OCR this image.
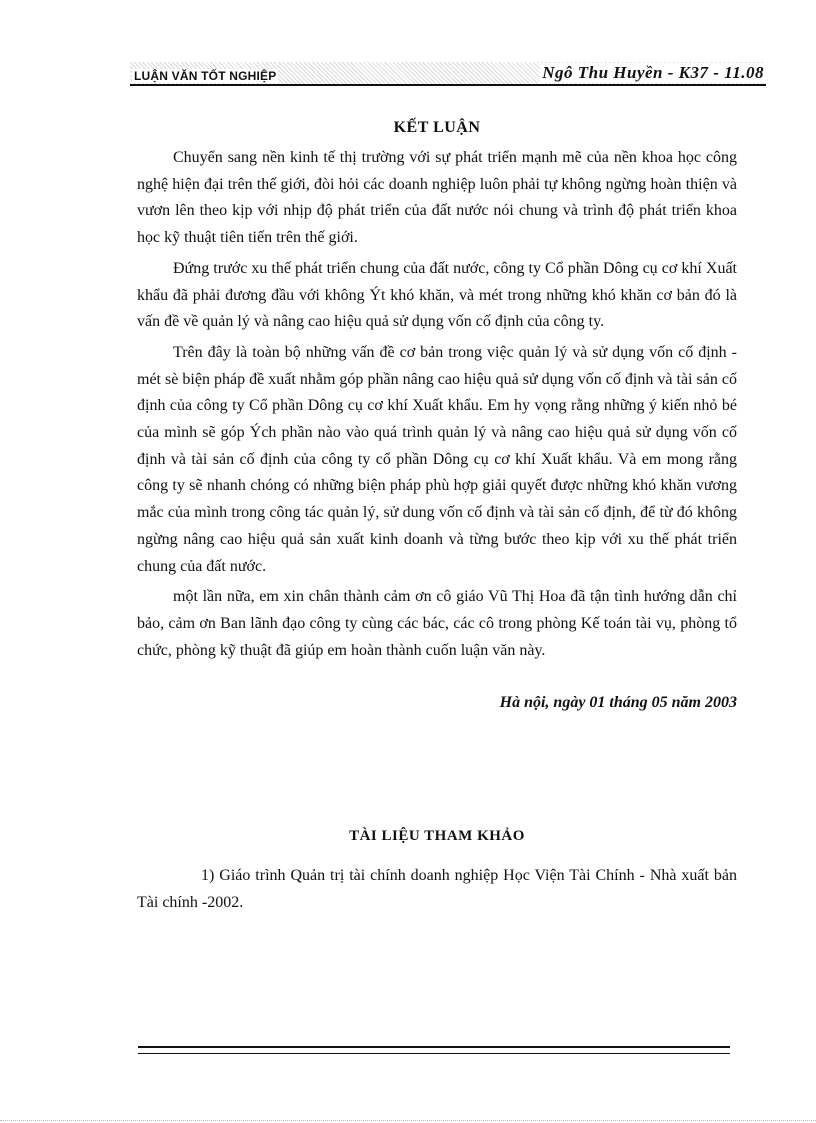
LUẬN VĂN TỐT NGHIỆP	Ngô Thu Huyền - K37 - 11.08
KẾT LUẬN

Chuyển sang nền kinh tế thị trường với sự phát triển mạnh mẽ của nền khoa học công nghệ hiện đại trên thế giới, đòi hỏi các doanh nghiệp luôn phải tự không ngừng hoàn thiện và vươn lên theo kịp với nhịp độ phát triển của đất nước nói chung và trình độ phát triển khoa học kỹ thuật tiên tiến trên thế giới.

Đứng trước xu thế phát triển chung của đất nước, công ty Cổ phần Dông cụ cơ khí Xuất khẩu đã phải đương đầu với không Ýt khó khăn, và mét trong những khó khăn cơ bản đó là vấn đề về quản lý và nâng cao hiệu quả sử dụng vốn cố định của công ty.

Trên đây là toàn bộ những vấn đề cơ bản trong việc quản lý và sử dụng vốn cố định - mét sè biện pháp đề xuất nhằm góp phần nâng cao hiệu quả sử dụng vốn cố định và tài sản cố định của công ty Cổ phần Dông cụ cơ khí Xuất khẩu. Em hy vọng rằng những ý kiến nhỏ bé của mình sẽ góp Ých phần nào vào quá trình quản lý và nâng cao hiệu quả sử dụng vốn cố định và tài sản cố định của công ty cổ phần Dông cụ cơ khí Xuất khẩu. Và em mong rằng công ty sẽ nhanh chóng có những biện pháp phù hợp giải quyết được những khó khăn vương mắc của mình trong công tác quản lý, sử dung vốn cố định và tài sản cố định, để từ đó không ngừng nâng cao hiệu quả sản xuất kinh doanh và từng bước theo kịp với xu thế phát triển chung của đất nước.

một lần nữa, em xin chân thành cảm ơn cô giáo Vũ Thị Hoa đã tận tình hướng dẫn chỉ bảo, cảm ơn Ban lãnh đạo công ty cùng các bác, các cô trong phòng Kế toán tài vụ, phòng tổ chức, phòng kỹ thuật đã giúp em hoàn thành cuốn luận văn này.

Hà nội, ngày 01 tháng 05 năm 2003
TÀI LIỆU THAM KHẢO

1) Giáo trình Quản trị tài chính doanh nghiệp Học Viện Tài Chính - Nhà xuất bản Tài chính -2002.
